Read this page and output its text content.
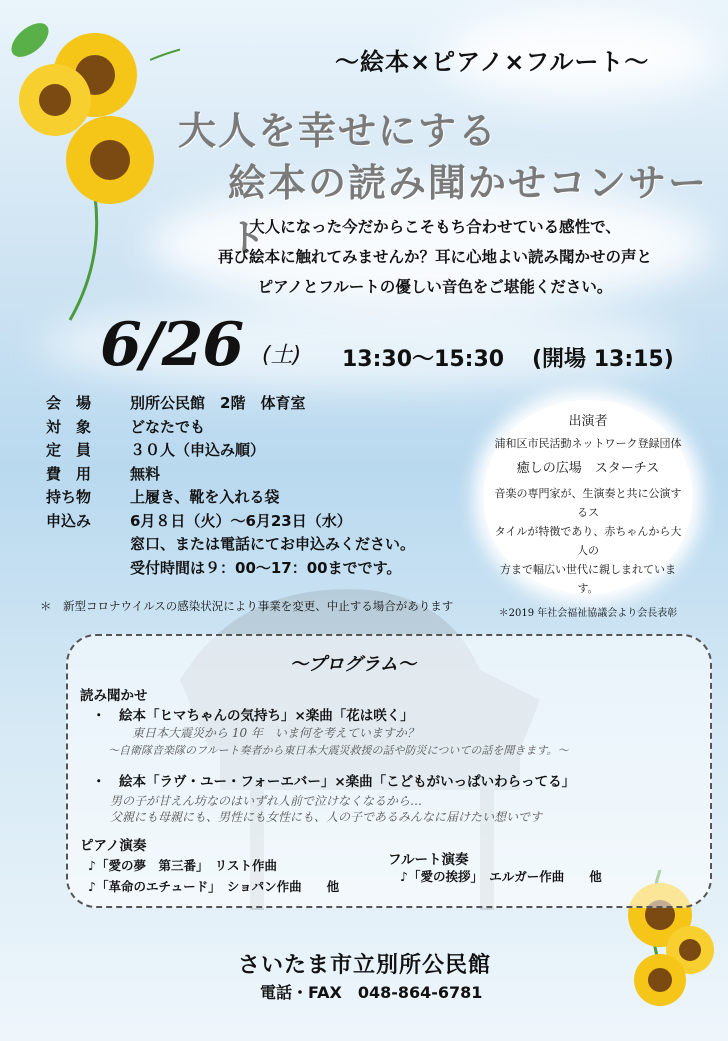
～絵本×ピアノ×フルート～
大人を幸せにする
絵本の読み聞かせコンサート
大人になった今だからこそもち合わせている感性で、
再び絵本に触れてみませんか？耳に心地よい読み聞かせの声と
ピアノとフルートの優しい音色をご堪能ください。
6/26 (土) 13:30～15:30 (開場 13:15)
会　場	別所公民館　2階　体育室
対　象	どなたでも
定　員	３０人（申込み順）
費　用	無料
持ち物	上履き、靴を入れる袋
申込み	6月８日（火）～6月23日（水）
窓口、または電話にてお申込みください。
受付時間は９：00～17：00までです。
＊　新型コロナウイルスの感染状況により事業を変更、中止する場合があります
出演者
浦和区市民活動ネットワーク登録団体
癒しの広場　スターチス
音楽の専門家が、生演奏と共に公演するス
タイルが特徴であり、赤ちゃんから大人の
方まで幅広い世代に親しまれています。
＊2019 年社会福祉協議会より会長表彰
～プログラム～
読み聞かせ
・　絵本「ヒマちゃんの気持ち」×楽曲「花は咲く」
東日本大震災から 10 年　いま何を考えていますか？
～自衛隊音楽隊のフルート奏者から東日本大震災救援の話や防災についての話を聞きます。～
・　絵本「ラヴ・ユー・フォーエバー」×楽曲「こどもがいっぱいわらってる」
男の子が甘えん坊なのはいずれ人前で泣けなくなるから…
父親にも母親にも、男性にも女性にも、人の子であるみんなに届けたい想いです
ピアノ演奏
♪「愛の夢　第三番」　リスト作曲
♪「革命のエチュード」　ショパン作曲　　他
フルート演奏
♪「愛の挨拶」　エルガー作曲　　他
さいたま市立別所公民館
電話・FAX　048-864-6781
